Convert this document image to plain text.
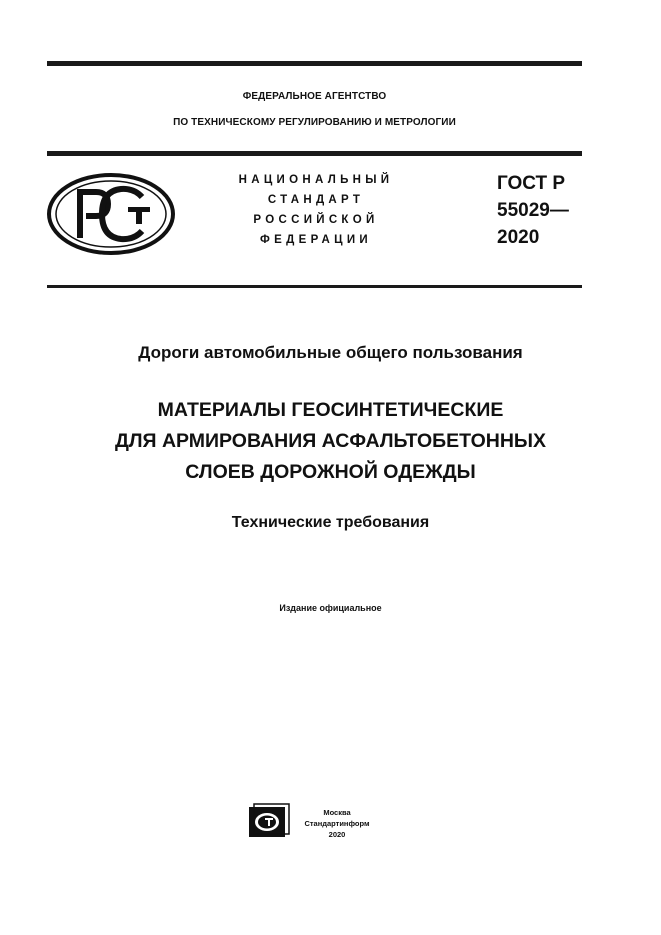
ФЕДЕРАЛЬНОЕ АГЕНТСТВО
ПО ТЕХНИЧЕСКОМУ РЕГУЛИРОВАНИЮ И МЕТРОЛОГИИ
НАЦИОНАЛЬНЫЙ
СТАНДАРТ
РОССИЙСКОЙ
ФЕДЕРАЦИИ
ГОСТ Р
55029—
2020
Дороги автомобильные общего пользования
МАТЕРИАЛЫ ГЕОСИНТЕТИЧЕСКИЕ
ДЛЯ АРМИРОВАНИЯ АСФАЛЬТОБЕТОННЫХ
СЛОЕВ ДОРОЖНОЙ ОДЕЖДЫ
Технические требования
Издание официальное
Москва
Стандартинформ
2020
